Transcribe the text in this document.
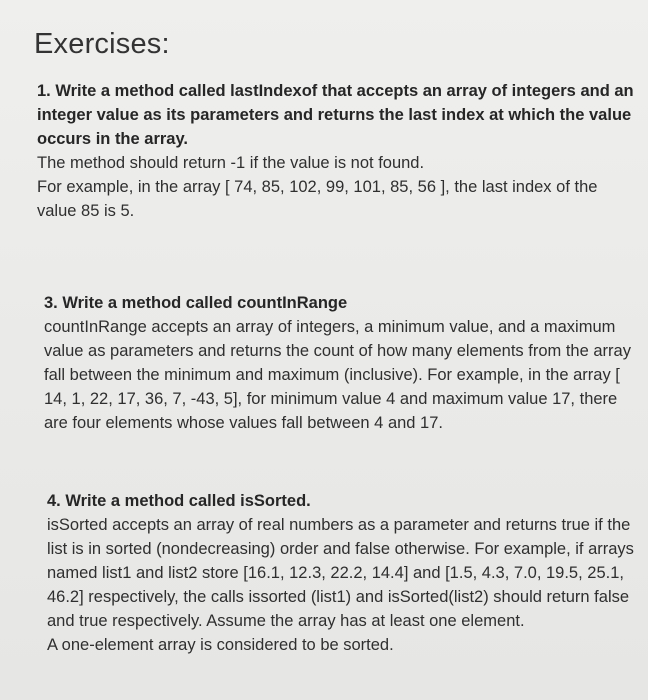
Exercises:
1. Write a method called lastIndexof that accepts an array of integers and an
integer value as its parameters and returns the last index at which the value
occurs in the array.
The method should return -1 if the value is not found.
For example, in the array [ 74, 85, 102, 99, 101, 85, 56 ], the last index of the
value 85 is 5.
3. Write a method called countInRange
countInRange accepts an array of integers, a minimum value, and a maximum
value as parameters and returns the count of how many elements from the array
fall between the minimum and maximum (inclusive). For example, in the array [
14, 1, 22, 17, 36, 7, -43, 5], for minimum value 4 and maximum value 17, there
are four elements whose values fall between 4 and 17.
4. Write a method called isSorted.
isSorted accepts an array of real numbers as a parameter and returns true if the
list is in sorted (nondecreasing) order and false otherwise. For example, if arrays
named list1 and list2 store [16.1, 12.3, 22.2, 14.4] and [1.5, 4.3, 7.0, 19.5, 25.1,
46.2] respectively, the calls issorted (list1) and isSorted(list2) should return false
and true respectively. Assume the array has at least one element.
A one-element array is considered to be sorted.
